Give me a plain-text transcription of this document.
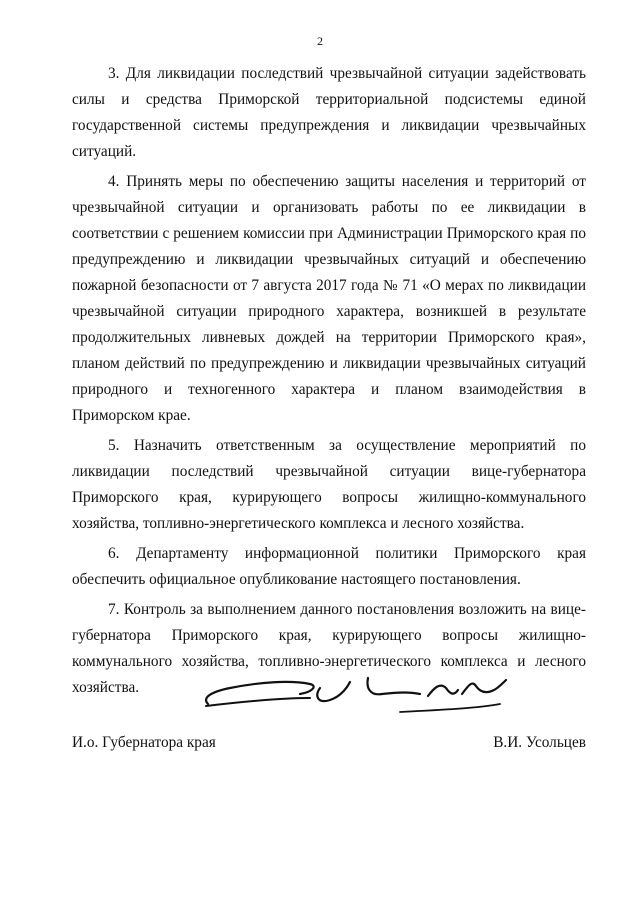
2

3. Для ликвидации последствий чрезвычайной ситуации задействовать силы и средства Приморской территориальной подсистемы единой государственной системы предупреждения и ликвидации чрезвычайных ситуаций.

4. Принять меры по обеспечению защиты населения и территорий от чрезвычайной ситуации и организовать работы по ее ликвидации в соответствии с решением комиссии при Администрации Приморского края по предупреждению и ликвидации чрезвычайных ситуаций и обеспечению пожарной безопасности от 7 августа 2017 года № 71 «О мерах по ликвидации чрезвычайной ситуации природного характера, возникшей в результате продолжительных ливневых дождей на территории Приморского края», планом действий по предупреждению и ликвидации чрезвычайных ситуаций природного и техногенного характера и планом взаимодействия в Приморском крае.

5. Назначить ответственным за осуществление мероприятий по ликвидации последствий чрезвычайной ситуации вице-губернатора Приморского края, курирующего вопросы жилищно-коммунального хозяйства, топливно-энергетического комплекса и лесного хозяйства.

6. Департаменту информационной политики Приморского края обеспечить официальное опубликование настоящего постановления.

7. Контроль за выполнением данного постановления возложить на вице-губернатора Приморского края, курирующего вопросы жилищно-коммунального хозяйства, топливно-энергетического комплекса и лесного хозяйства.

И.о. Губернатора края	В.И. Усольцев
